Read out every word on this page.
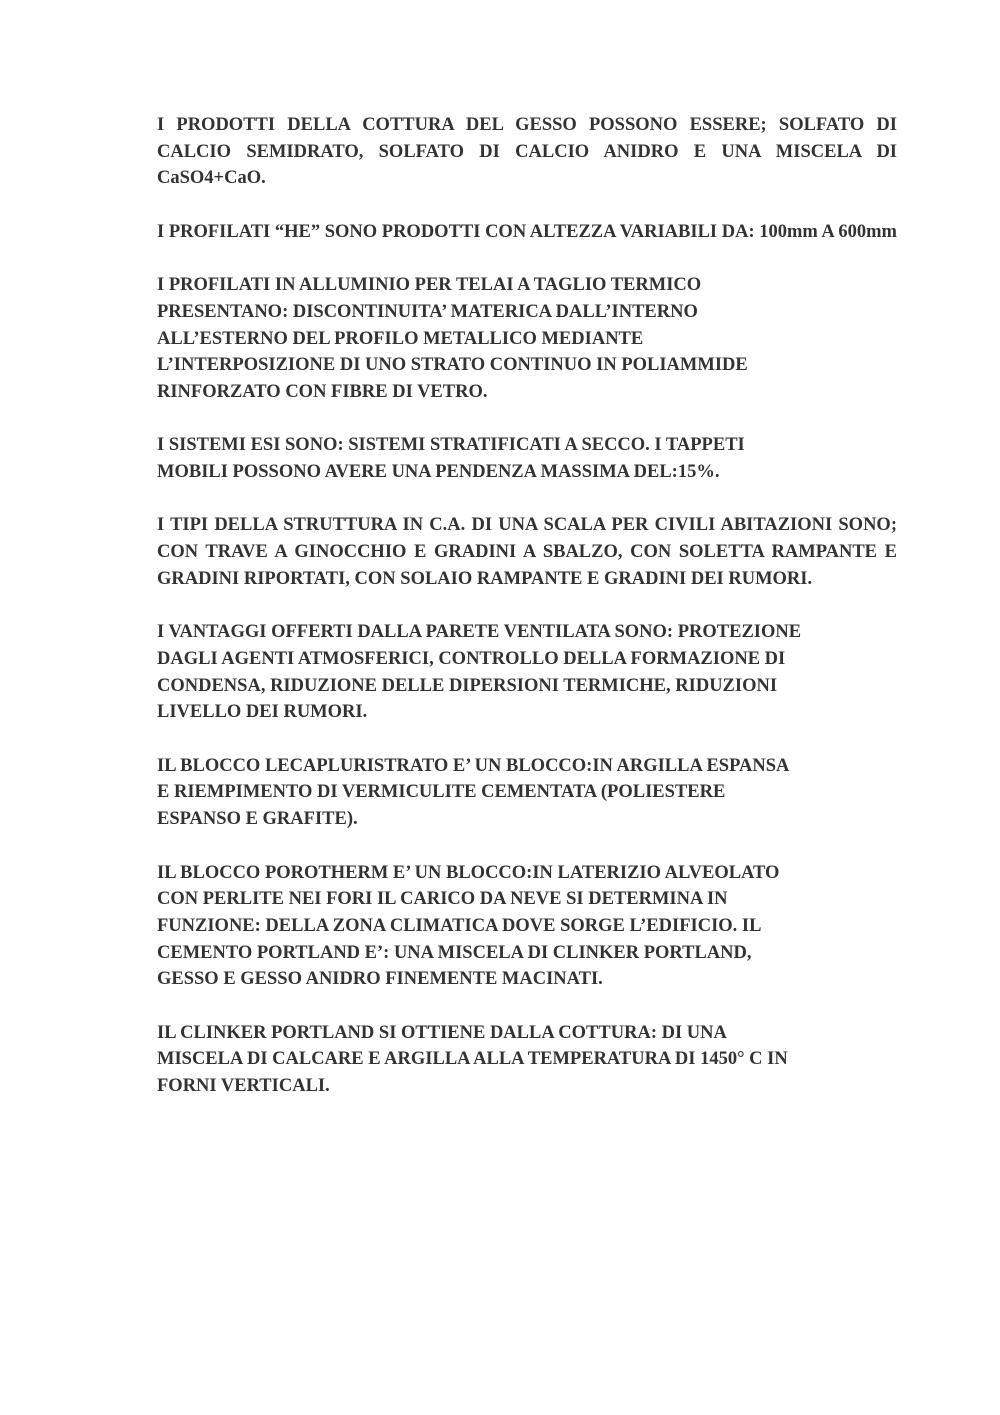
I PRODOTTI DELLA COTTURA DEL GESSO POSSONO ESSERE; SOLFATO DI CALCIO SEMIDRATO, SOLFATO DI CALCIO ANIDRO E UNA MISCELA DI CaSO4+CaO.

I PROFILATI “HE” SONO PRODOTTI CON ALTEZZA VARIABILI DA: 100mm A 600mm

I PROFILATI IN ALLUMINIO PER TELAI A TAGLIO TERMICO
PRESENTANO: DISCONTINUITA’ MATERICA DALL’INTERNO
ALL’ESTERNO DEL PROFILO METALLICO MEDIANTE
L’INTERPOSIZIONE DI UNO STRATO CONTINUO IN POLIAMMIDE
RINFORZATO CON FIBRE DI VETRO.

I SISTEMI ESI SONO: SISTEMI STRATIFICATI A SECCO. I TAPPETI
MOBILI POSSONO AVERE UNA PENDENZA MASSIMA DEL:15%.

I TIPI DELLA STRUTTURA IN C.A. DI UNA SCALA PER CIVILI ABITAZIONI SONO; CON TRAVE A GINOCCHIO E GRADINI A SBALZO, CON SOLETTA RAMPANTE E GRADINI RIPORTATI, CON SOLAIO RAMPANTE E GRADINI DEI RUMORI.

I VANTAGGI OFFERTI DALLA PARETE VENTILATA SONO: PROTEZIONE
DAGLI AGENTI ATMOSFERICI, CONTROLLO DELLA FORMAZIONE DI
CONDENSA, RIDUZIONE DELLE DIPERSIONI TERMICHE, RIDUZIONI
LIVELLO DEI RUMORI.

IL BLOCCO LECAPLURISTRATO E’ UN BLOCCO:IN ARGILLA ESPANSA
E RIEMPIMENTO DI VERMICULITE CEMENTATA (POLIESTERE
ESPANSO E GRAFITE).

IL BLOCCO POROTHERM E’ UN BLOCCO:IN LATERIZIO ALVEOLATO
CON PERLITE NEI FORI IL CARICO DA NEVE SI DETERMINA IN
FUNZIONE: DELLA ZONA CLIMATICA DOVE SORGE L’EDIFICIO. IL
CEMENTO PORTLAND E’: UNA MISCELA DI CLINKER PORTLAND,
GESSO E GESSO ANIDRO FINEMENTE MACINATI.

IL CLINKER PORTLAND SI OTTIENE DALLA COTTURA: DI UNA
MISCELA DI CALCARE E ARGILLA ALLA TEMPERATURA DI 1450° C IN
FORNI VERTICALI.
